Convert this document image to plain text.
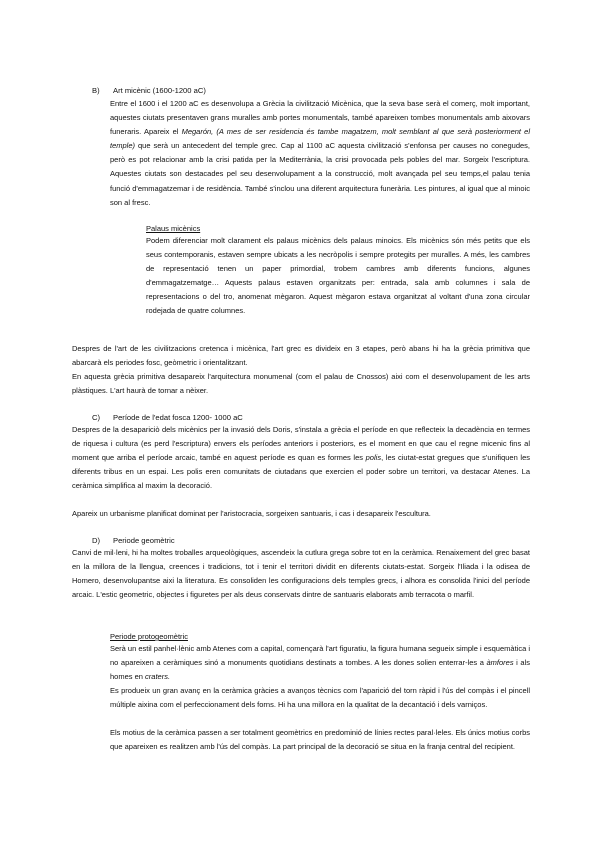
B) Art micènic (1600-1200 aC)

Entre el 1600 i el 1200 aC es desenvolupa a Grècia la civilització Micènica, que la seva base serà el comerç, molt important, aquestes ciutats presentaven grans muralles amb portes monumentals, també apareixen tombes monumentals amb aixovars funeraris. Apareix el Megarón, (A mes de ser residencia és tambe magatzem, molt semblant al que serà posteriorment el temple) que serà un antecedent del temple grec. Cap al 1100 aC aquesta civilització s'enfonsa per causes no conegudes, però es pot relacionar amb la crisi patida per la Mediterrània, la crisi provocada pels pobles del mar. Sorgeix l'escriptura. Aquestes ciutats son destacades pel seu desenvolupament a la construcció, molt avançada pel seu temps,el palau tenia funció d'emmagatzemar i de residència. També s'inclou una diferent arquitectura funerària. Les pintures, al igual que al minoic son al fresc.

Palaus micènics

Podem diferenciar molt clarament els palaus micènics dels palaus minoics. Els micènics són més petits que els seus contemporanis, estaven sempre ubicats a les necròpolis i sempre protegits per muralles. A més, les cambres de representació tenen un paper primordial, trobem cambres amb diferents funcions, algunes d'emmagatzematge… Aquests palaus estaven organitzats per: entrada, sala amb columnes i sala de representacions o del tro, anomenat mègaron. Aquest mègaron estava organitzat al voltant d'una zona circular rodejada de quatre columnes.

Despres de l'art de les civilitzacions cretenca i micènica, l'art grec es divideix en 3 etapes, però abans hi ha la grècia primitiva que abarcarà els periodes fosc, geòmetric i orientalitzant.

En aquesta grècia primitiva desapareix l'arquitectura monumenal (com el palau de Cnossos) aixi com el desenvolupament de les arts plàstiques. L'art haurà de tornar a nèixer.

C) Període de l'edat fosca 1200- 1000 aC

Despres de la desapariciò dels micènics per la invasió dels Doris, s'instala a grècia el període en que reflecteix la decadència en termes de riquesa i cultura (es perd l'escriptura) envers els períodes anteriors i posteriors, es el moment en que cau el regne micenic fins al moment que arriba el període arcaic, també en aquest període es quan es formes les polis, les ciutat-estat gregues que s'unifiquen les diferents tribus en un espai. Les polis eren comunitats de ciutadans que exercien el poder sobre un territori, va destacar Atenes. La ceràmica simplifica al maxim la decoració.

Apareix un urbanisme planificat dominat per l'aristocracia, sorgeixen santuaris, i cas i desapareix l'escultura.

D) Periode geomètric

Canvi de mil·leni, hi ha moltes troballes arqueològiques, ascendeix la cutlura grega sobre tot en la ceràmica. Renaixement del grec basat en la millora de la llengua, creences i tradicions, tot i tenir el territori dividit en diferents ciutats-estat. Sorgeix l'Iliada i la odisea de Homero, desenvolupantse aixi la literatura. Es consoliden les configuracions dels temples grecs, i alhora es consolida l'inici del període arcaic. L'estic geometric, objectes i figuretes per als deus conservats dintre de santuaris elaborats amb terracota o marfil.

Periode protogeomètric

Serà un estil panhel·lènic amb Atenes com a capital, començarà l'art figuratiu, la figura humana segueix simple i esquemàtica i no apareixen a ceràmiques sinó a monuments quotidians destinats a tombes. A les dones solien enterrar-les a àmfores i als homes en craters.

Es produeix un gran avanç en la ceràmica gràcies a avanços tècnics com l'aparició del torn ràpid i l'ús del compàs i el pincell múltiple aixina com el perfeccionament dels forns. Hi ha una millora en la qualitat de la decantació i dels varniços.

Els motius de la ceràmica passen a ser totalment geomètrics en predominió de línies rectes paral·leles. Els únics motius corbs que apareixen es realitzen amb l'ús del compàs. La part principal de la decoració se situa en la franja central del recipient.
